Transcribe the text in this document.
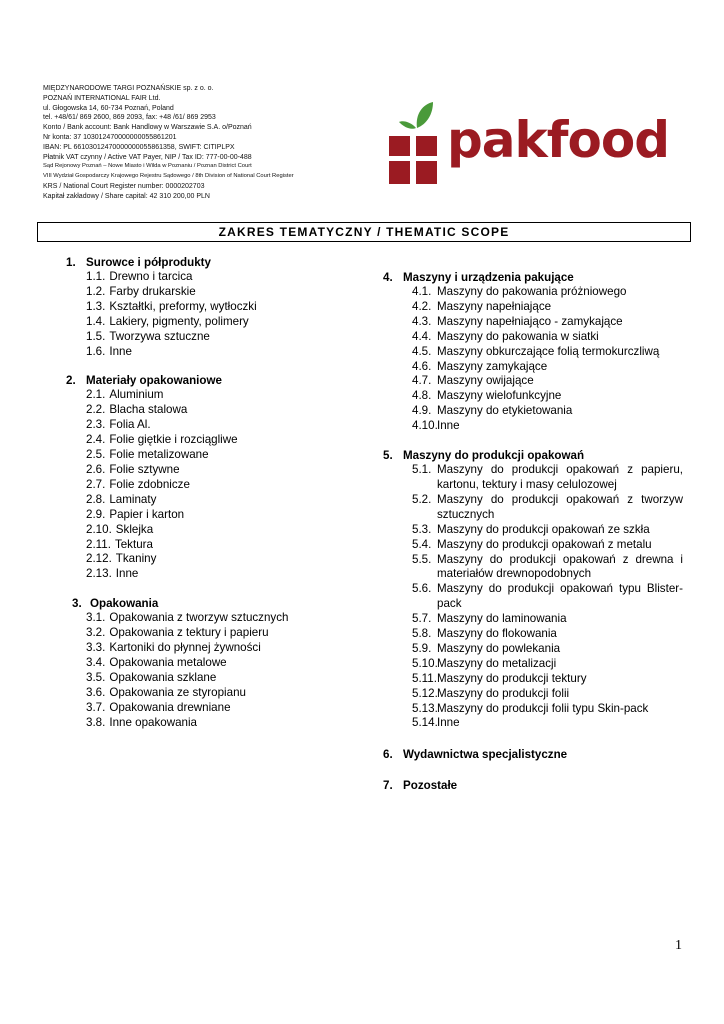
MIĘDZYNARODOWE TARGI POZNAŃSKIE sp. z o. o.
POZNAŃ INTERNATIONAL FAIR Ltd.
ul. Głogowska 14, 60-734 Poznań, Poland
tel. +48/61/ 869 2600, 869 2093, fax: +48 /61/ 869 2953
Konto / Bank account: Bank Handlowy w Warszawie S.A. o/Poznań
Nr konta: 37 103012470000000055861201
IBAN: PL 66103012470000000055861358, SWIFT: CITIPLPX
Płatnik VAT czynny / Active VAT Payer, NIP / Tax ID: 777-00-00-488
Sąd Rejonowy Poznań – Nowe Miasto i Wilda w Poznaniu / Poznan District Court
VIII Wydział Gospodarczy Krajowego Rejestru Sądowego / 8th Division of National Court Register
KRS / National Court Register number: 0000202703
Kapitał zakładowy / Share capital: 42 310 200,00 PLN
pakfood
ZAKRES TEMATYCZNY / THEMATIC SCOPE
1. Surowce i półprodukty
1.1. Drewno i tarcica
1.2. Farby drukarskie
1.3. Kształtki, preformy, wytłoczki
1.4. Lakiery, pigmenty, polimery
1.5. Tworzywa sztuczne
1.6. Inne
2. Materiały opakowaniowe
2.1. Aluminium
2.2. Blacha stalowa
2.3. Folia Al.
2.4. Folie giętkie i rozciągliwe
2.5. Folie metalizowane
2.6. Folie sztywne
2.7. Folie zdobnicze
2.8. Laminaty
2.9. Papier i karton
2.10. Sklejka
2.11. Tektura
2.12. Tkaniny
2.13. Inne
3. Opakowania
3.1. Opakowania z tworzyw sztucznych
3.2. Opakowania z tektury i papieru
3.3. Kartoniki do płynnej żywności
3.4. Opakowania metalowe
3.5. Opakowania szklane
3.6. Opakowania ze styropianu
3.7. Opakowania drewniane
3.8. Inne opakowania
4. Maszyny i urządzenia pakujące
4.1. Maszyny do pakowania próżniowego
4.2. Maszyny napełniające
4.3. Maszyny napełniająco - zamykające
4.4. Maszyny do pakowania w siatki
4.5. Maszyny obkurczające folią termokurczliwą
4.6. Maszyny zamykające
4.7. Maszyny owijające
4.8. Maszyny wielofunkcyjne
4.9. Maszyny do etykietowania
4.10. Inne
5. Maszyny do produkcji opakowań
5.1. Maszyny do produkcji opakowań z papieru, kartonu, tektury i masy celulozowej
5.2. Maszyny do produkcji opakowań z tworzyw sztucznych
5.3. Maszyny do produkcji opakowań ze szkła
5.4. Maszyny do produkcji opakowań z metalu
5.5. Maszyny do produkcji opakowań z drewna i materiałów drewnopodobnych
5.6. Maszyny do produkcji opakowań typu Blister-pack
5.7. Maszyny do laminowania
5.8. Maszyny do flokowania
5.9. Maszyny do powlekania
5.10. Maszyny do metalizacji
5.11. Maszyny do produkcji tektury
5.12. Maszyny do produkcji folii
5.13. Maszyny do produkcji folii typu Skin-pack
5.14. Inne
6. Wydawnictwa specjalistyczne
7. Pozostałe
1
